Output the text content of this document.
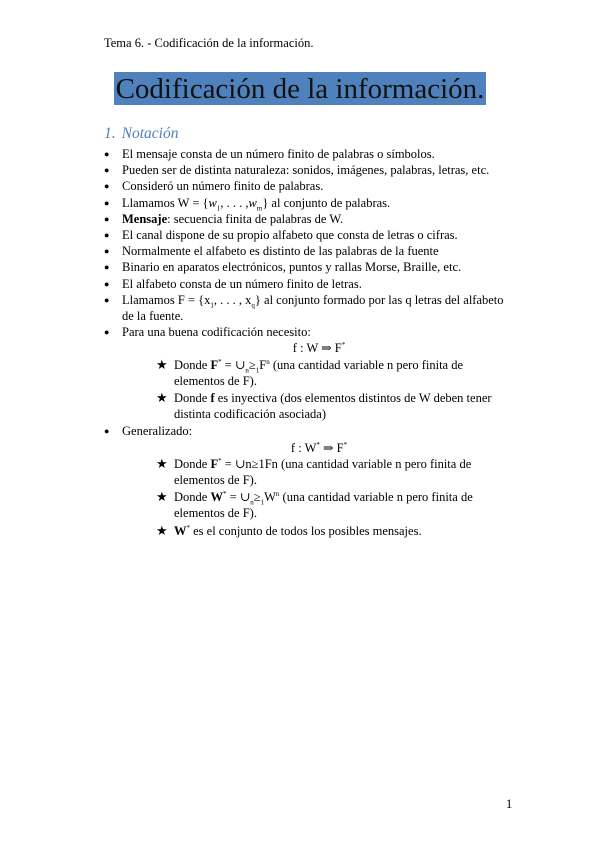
Tema 6. - Codificación de la información.
Codificación de la información.
1. Notación
● El mensaje consta de un número finito de palabras o símbolos.
● Pueden ser de distinta naturaleza: sonidos, imágenes, palabras, letras, etc.
● Consideró un número finito de palabras.
● Llamamos $W = \{w_1$, . . . $,w_m$} al conjunto de palabras.
● Mensaje: secuencia finita de palabras de W.
● El canal dispone de su propio alfabeto que consta de letras o cifras.
● Normalmente el alfabeto es distinto de las palabras de la fuente
● Binario en aparatos electrónicos, puntos y rallas Morse, Braille, etc.
● El alfabeto consta de un número finito de letras.
● Llamamos $F = \{x_1$, . . . , $x_q$} al conjunto formado por las q letras del alfabeto de la fuente.
● Para una buena codificación necesito:
f : W ⇒ F*
★ Donde $F^* = \cup_n\ge_1F^n$ (una cantidad variable n pero finita de elementos de F).
★ Donde f es inyectiva (dos elementos distintos de W deben tener distinta codificación asociada)
● Generalizado:
f : W* ⇒ F*
★ Donde F* = ∪n≥1Fn (una cantidad variable n pero finita de elementos de F).
★ Donde $W^* = \cup_n\ge_1W^n$ (una cantidad variable n pero finita de elementos de F).
★ W* es el conjunto de todos los posibles mensajes.
1
